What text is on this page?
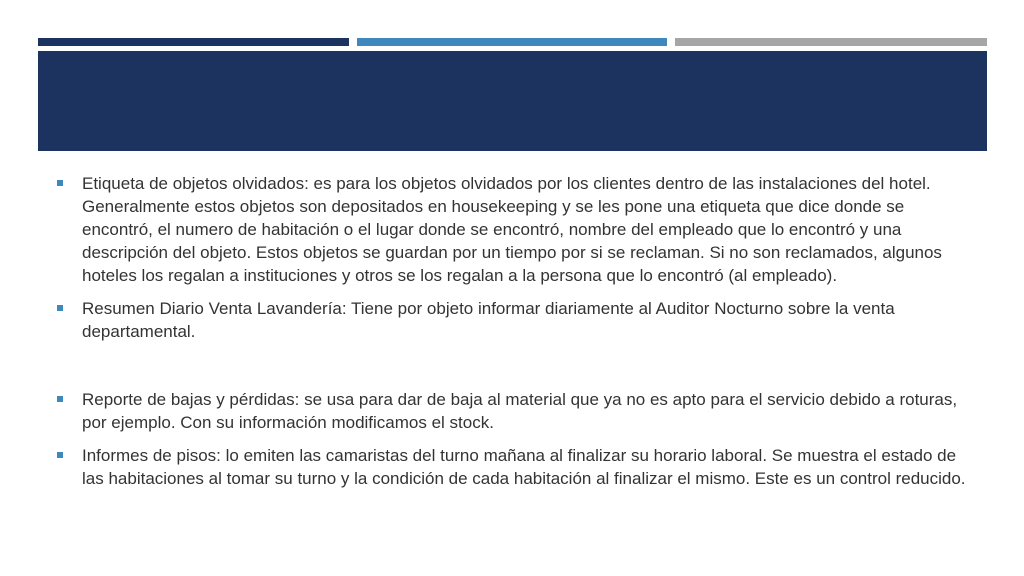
Etiqueta de objetos olvidados: es para los objetos olvidados por los clientes dentro de las instalaciones del hotel. Generalmente estos objetos son depositados en housekeeping y se les pone una etiqueta que dice donde se encontró, el numero de habitación o el lugar donde se encontró, nombre del empleado que lo encontró y una descripción del objeto. Estos objetos se guardan por un tiempo por si se reclaman. Si no son reclamados, algunos hoteles los regalan a instituciones y otros se los regalan a la persona que lo encontró (al empleado).
Resumen Diario Venta Lavandería: Tiene por objeto informar diariamente al Auditor Nocturno sobre la venta departamental.
Reporte de bajas y pérdidas: se usa para dar de baja al material que ya no es apto para el servicio debido a roturas, por ejemplo. Con su información modificamos el stock.
Informes de pisos: lo emiten las camaristas del turno mañana al finalizar su horario laboral. Se muestra el estado de las habitaciones al tomar su turno y la condición de cada habitación al finalizar el mismo. Este es un control reducido.
